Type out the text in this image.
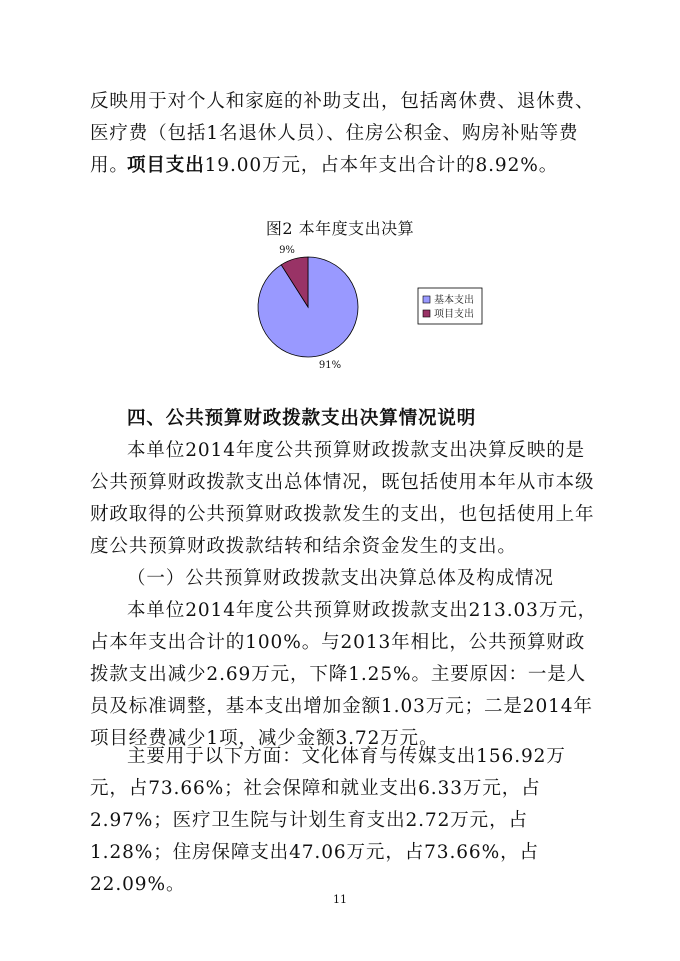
反映用于对个人和家庭的补助支出，包括离休费、退休费、医疗费（包括1名退休人员）、住房公积金、购房补贴等费用。

项目支出19.00万元，占本年支出合计的8.92%。

图2 本年度支出决算
9%
91%
基本支出
项目支出

四、公共预算财政拨款支出决算情况说明

本单位2014年度公共预算财政拨款支出决算反映的是公共预算财政拨款支出总体情况，既包括使用本年从市本级财政取得的公共预算财政拨款发生的支出，也包括使用上年度公共预算财政拨款结转和结余资金发生的支出。

（一）公共预算财政拨款支出决算总体及构成情况

本单位2014年度公共预算财政拨款支出213.03万元，占本年支出合计的100%。与2013年相比，公共预算财政拨款支出减少2.69万元，下降1.25%。主要原因：一是人员及标准调整，基本支出增加金额1.03万元；二是2014年项目经费减少1项，减少金额3.72万元。

主要用于以下方面：文化体育与传媒支出156.92万元，占73.66%；社会保障和就业支出6.33万元，占2.97%；医疗卫生院与计划生育支出2.72万元，占1.28%；住房保障支出47.06万元，占73.66%，占22.09%。

11
